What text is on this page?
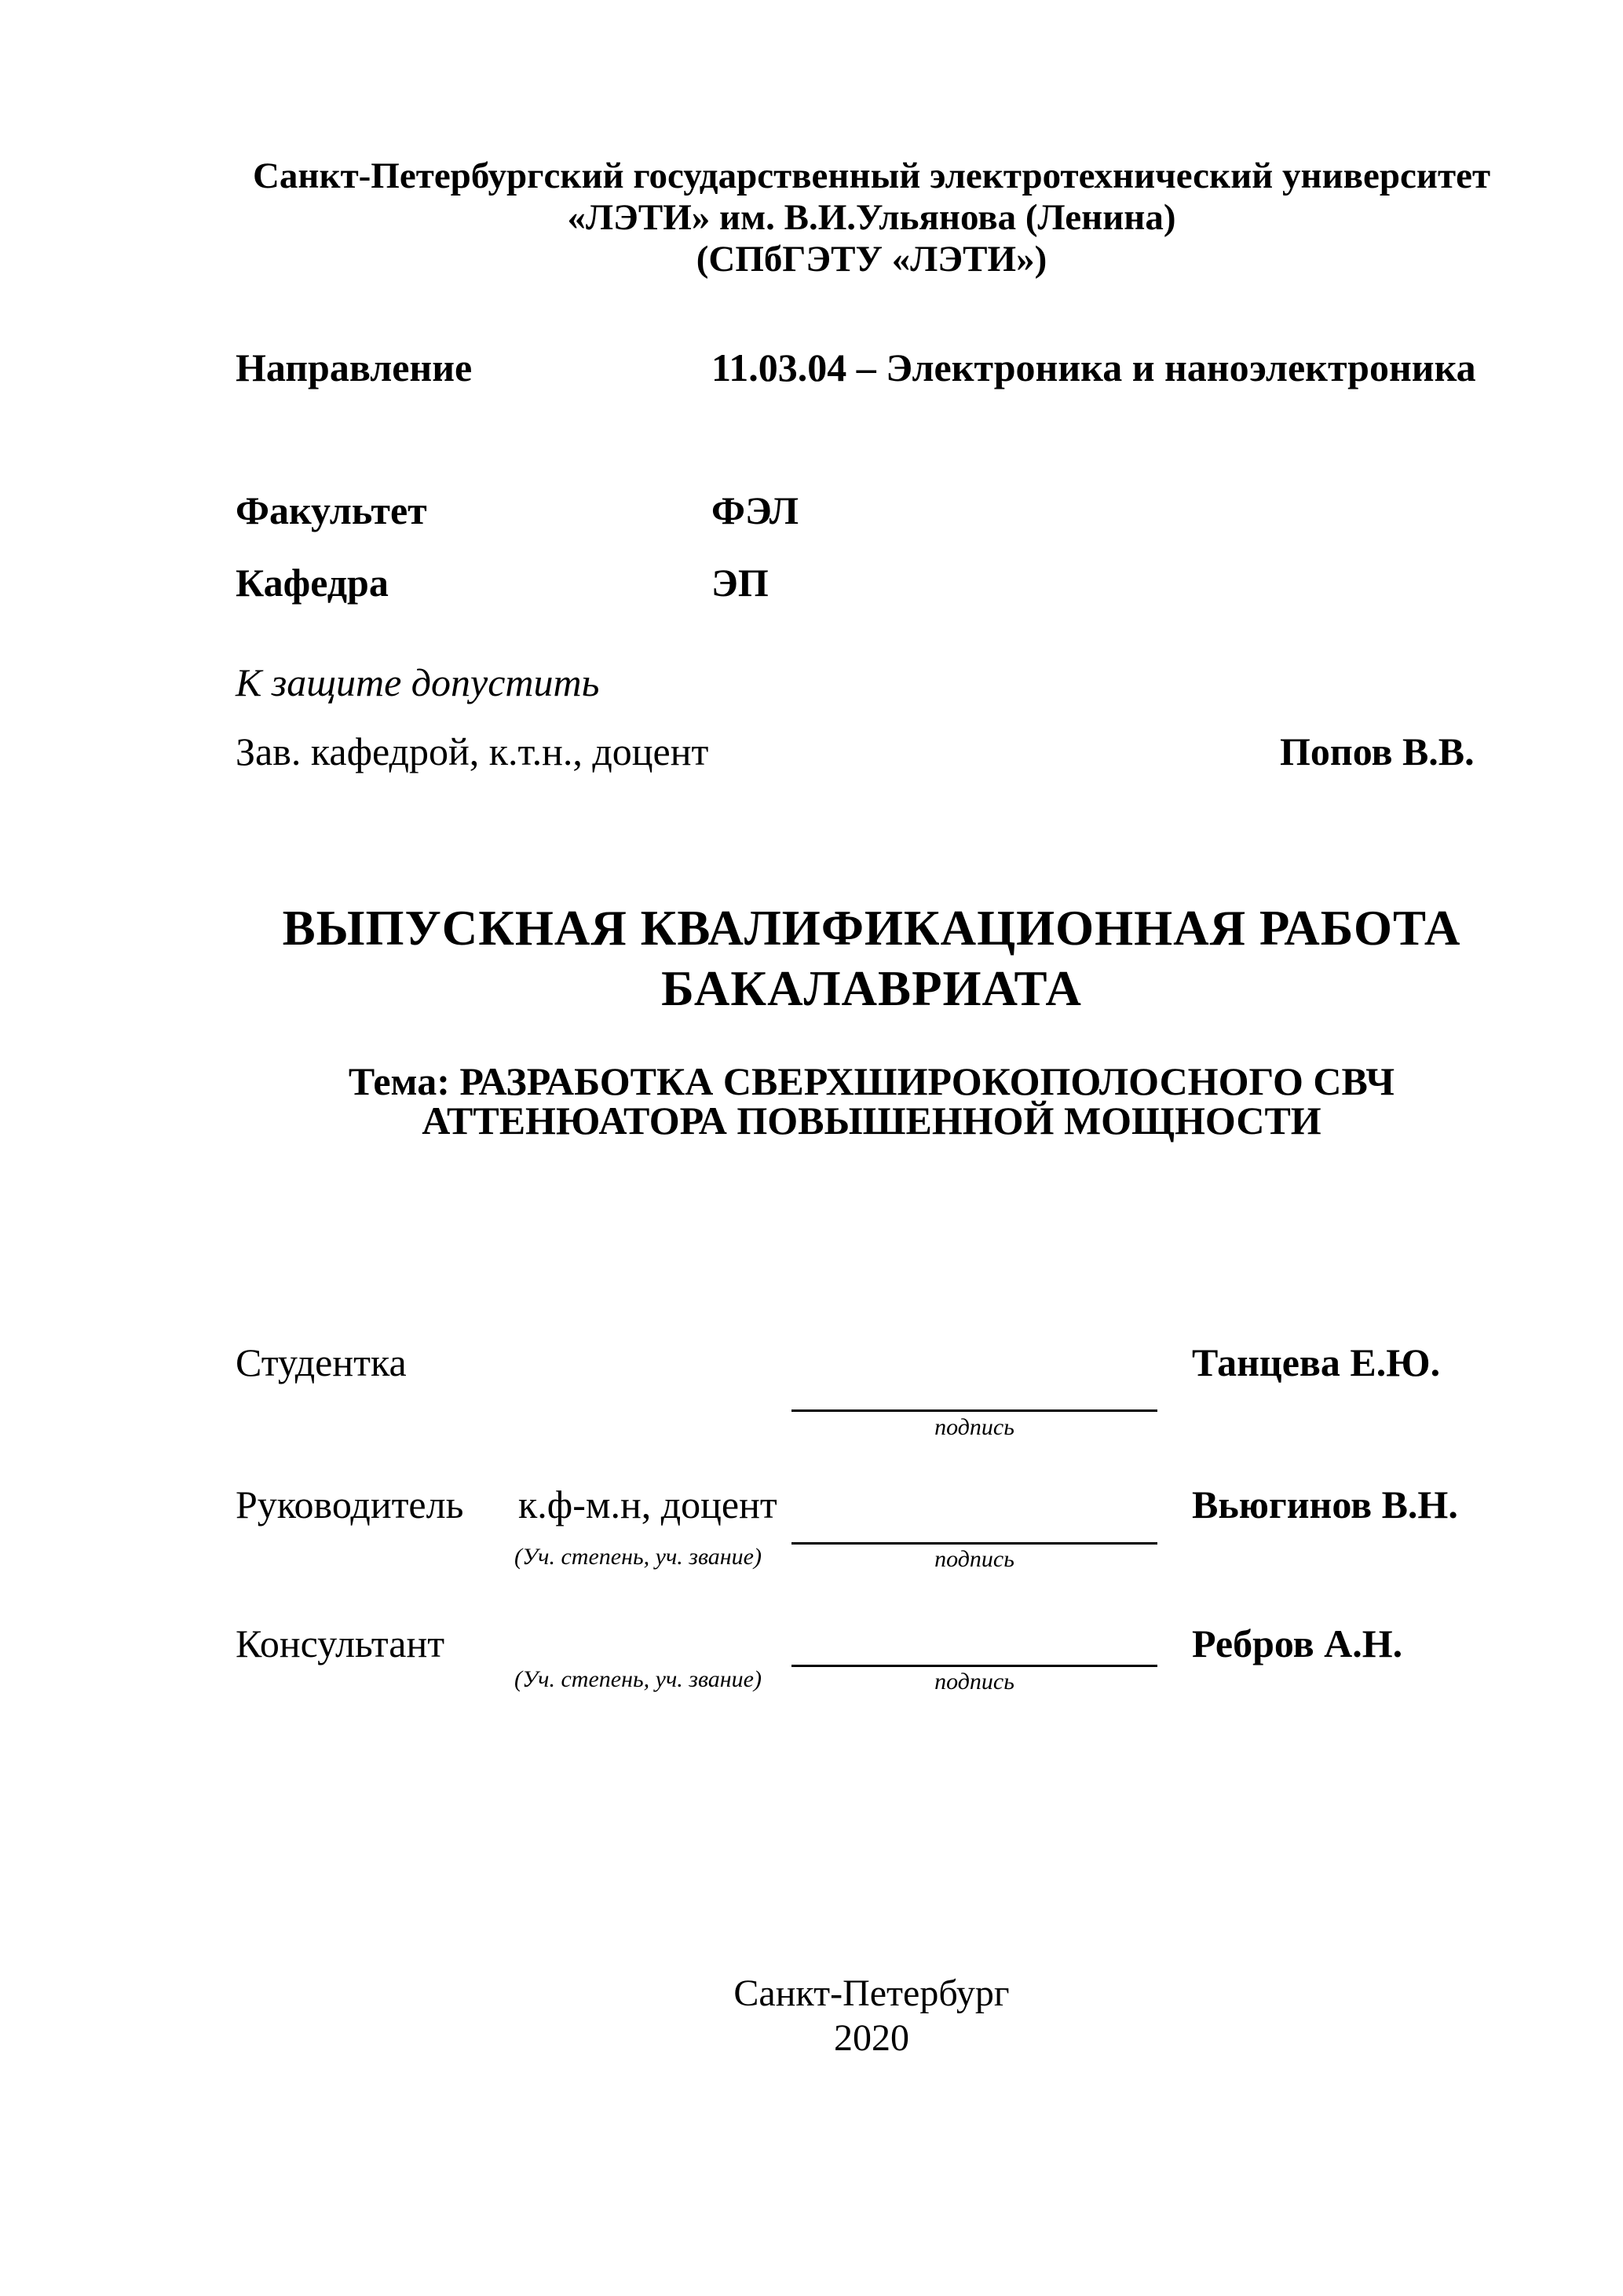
Санкт-Петербургский государственный электротехнический университет
«ЛЭТИ» им. В.И.Ульянова (Ленина)
(СПбГЭТУ «ЛЭТИ»)
Направление	11.03.04 – Электроника и наноэлектроника
Факультет	ФЭЛ
Кафедра	ЭП
К защите допустить
Зав. кафедрой, к.т.н., доцент	Попов В.В.
ВЫПУСКНАЯ КВАЛИФИКАЦИОННАЯ РАБОТА
БАКАЛАВРИАТА
Тема: РАЗРАБОТКА СВЕРХШИРОКОПОЛОСНОГО СВЧ
АТТЕНЮАТОРА ПОВЫШЕННОЙ МОЩНОСТИ
Студентка	Танцева Е.Ю.
подпись
Руководитель к.ф-м.н, доцент	Вьюгинов В.Н.
(Уч. степень, уч. звание)	подпись
Консультант	Ребров А.Н.
(Уч. степень, уч. звание)	подпись
Санкт-Петербург
2020
